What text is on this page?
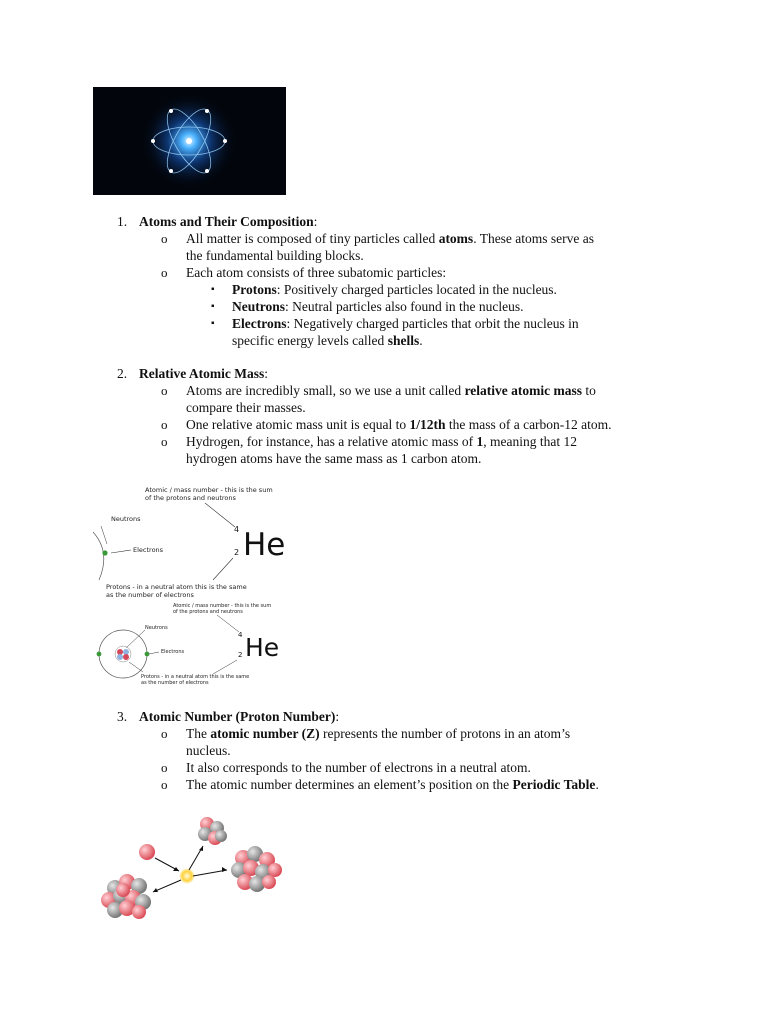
1. Atoms and Their Composition:
o All matter is composed of tiny particles called atoms. These atoms serve as
the fundamental building blocks.
o Each atom consists of three subatomic particles:
▪ Protons: Positively charged particles located in the nucleus.
▪ Neutrons: Neutral particles also found in the nucleus.
▪ Electrons: Negatively charged particles that orbit the nucleus in
specific energy levels called shells.
2. Relative Atomic Mass:
o Atoms are incredibly small, so we use a unit called relative atomic mass to
compare their masses.
o One relative atomic mass unit is equal to 1/12th the mass of a carbon-12 atom.
o Hydrogen, for instance, has a relative atomic mass of 1, meaning that 12
hydrogen atoms have the same mass as 1 carbon atom.
Atomic / mass number - this is the sum
of the protons and neutrons
Neutrons
Electrons
4
2 He
Protons - in a neutral atom this is the same
as the number of electrons
Atomic / mass number - this is the sum
of the protons and neutrons
Neutrons
Electrons
4
2 He
Protons - in a neutral atom this is the same
as the number of electrons
3. Atomic Number (Proton Number):
o The atomic number (Z) represents the number of protons in an atom’s
nucleus.
o It also corresponds to the number of electrons in a neutral atom.
o The atomic number determines an element’s position on the Periodic Table.
